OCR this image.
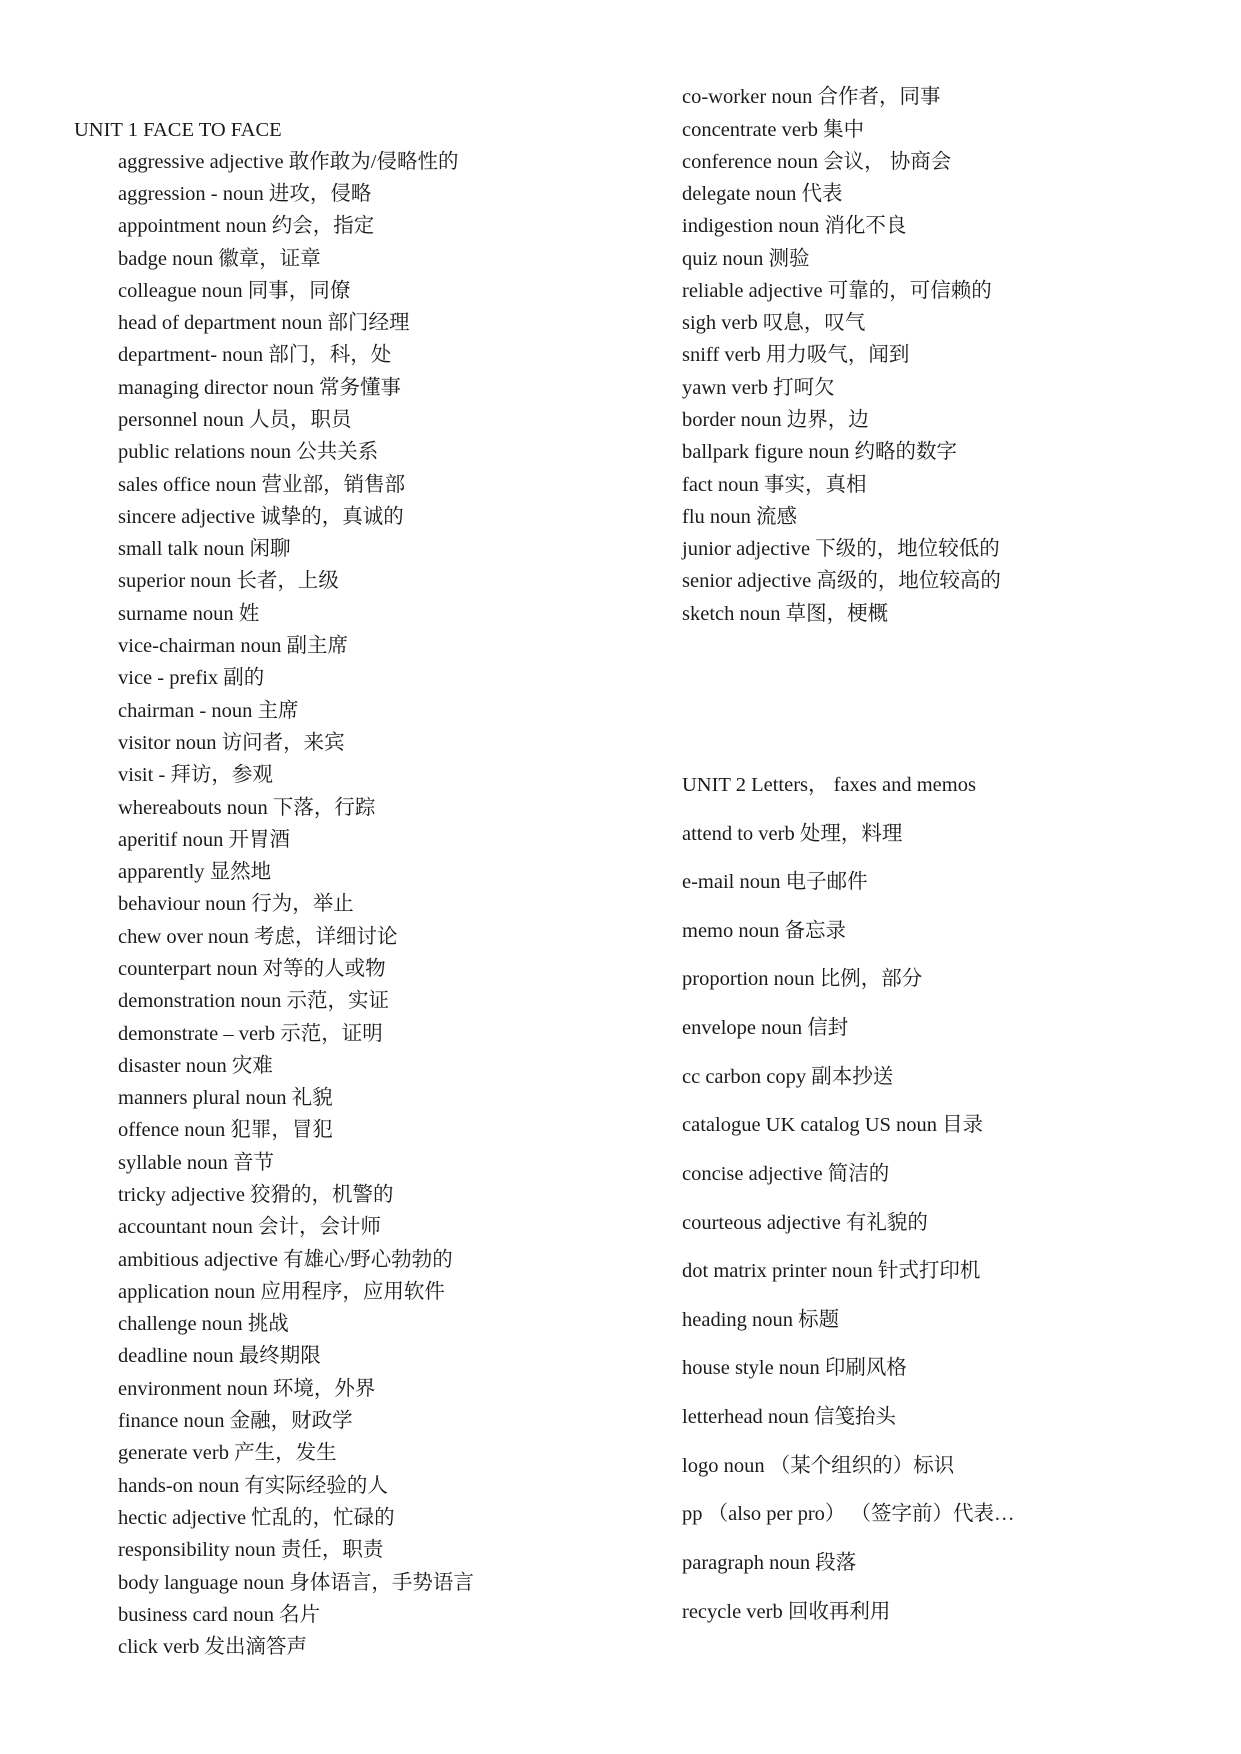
UNIT 1 FACE TO FACE
aggressive adjective 敢作敢为/侵略性的
aggression - noun 进攻，侵略
appointment noun 约会，指定
badge noun 徽章，证章
colleague noun 同事，同僚
head of department noun 部门经理
department- noun 部门，科，处
managing director noun 常务懂事
personnel noun 人员，职员
public relations noun 公共关系
sales office noun 营业部，销售部
sincere adjective 诚挚的，真诚的
small talk noun 闲聊
superior noun 长者，上级
surname noun 姓
vice-chairman noun 副主席
vice - prefix 副的
chairman - noun 主席
visitor noun 访问者，来宾
visit - 拜访，参观
whereabouts noun 下落，行踪
aperitif noun 开胃酒
apparently 显然地
behaviour noun 行为，举止
chew over noun 考虑，详细讨论
counterpart noun 对等的人或物
demonstration noun 示范，实证
demonstrate – verb 示范，证明
disaster noun 灾难
manners plural noun 礼貌
offence noun 犯罪，冒犯
syllable noun 音节
tricky adjective 狡猾的，机警的
accountant noun 会计，会计师
ambitious adjective 有雄心/野心勃勃的
application noun 应用程序，应用软件
challenge noun 挑战
deadline noun 最终期限
environment noun 环境，外界
finance noun 金融，财政学
generate verb 产生，发生
hands-on noun 有实际经验的人
hectic adjective 忙乱的，忙碌的
responsibility noun 责任，职责
body language noun 身体语言，手势语言
business card noun 名片
click verb 发出滴答声
co-worker noun 合作者，同事
concentrate verb 集中
conference noun 会议， 协商会
delegate noun 代表
indigestion noun 消化不良
quiz noun 测验
reliable adjective 可靠的，可信赖的
sigh verb 叹息，叹气
sniff verb 用力吸气，闻到
yawn verb 打呵欠
border noun 边界，边
ballpark figure noun 约略的数字
fact noun 事实，真相
flu noun 流感
junior adjective 下级的，地位较低的
senior adjective 高级的，地位较高的
sketch noun 草图，梗概
UNIT 2 Letters， faxes and memos
attend to verb 处理，料理
e-mail noun 电子邮件
memo noun 备忘录
proportion noun 比例，部分
envelope noun 信封
cc carbon copy 副本抄送
catalogue UK catalog US noun 目录
concise adjective 简洁的
courteous adjective 有礼貌的
dot matrix printer noun 针式打印机
heading noun 标题
house style noun 印刷风格
letterhead noun 信笺抬头
logo noun （某个组织的）标识
pp （also per pro） （签字前）代表…
paragraph noun 段落
recycle verb 回收再利用
